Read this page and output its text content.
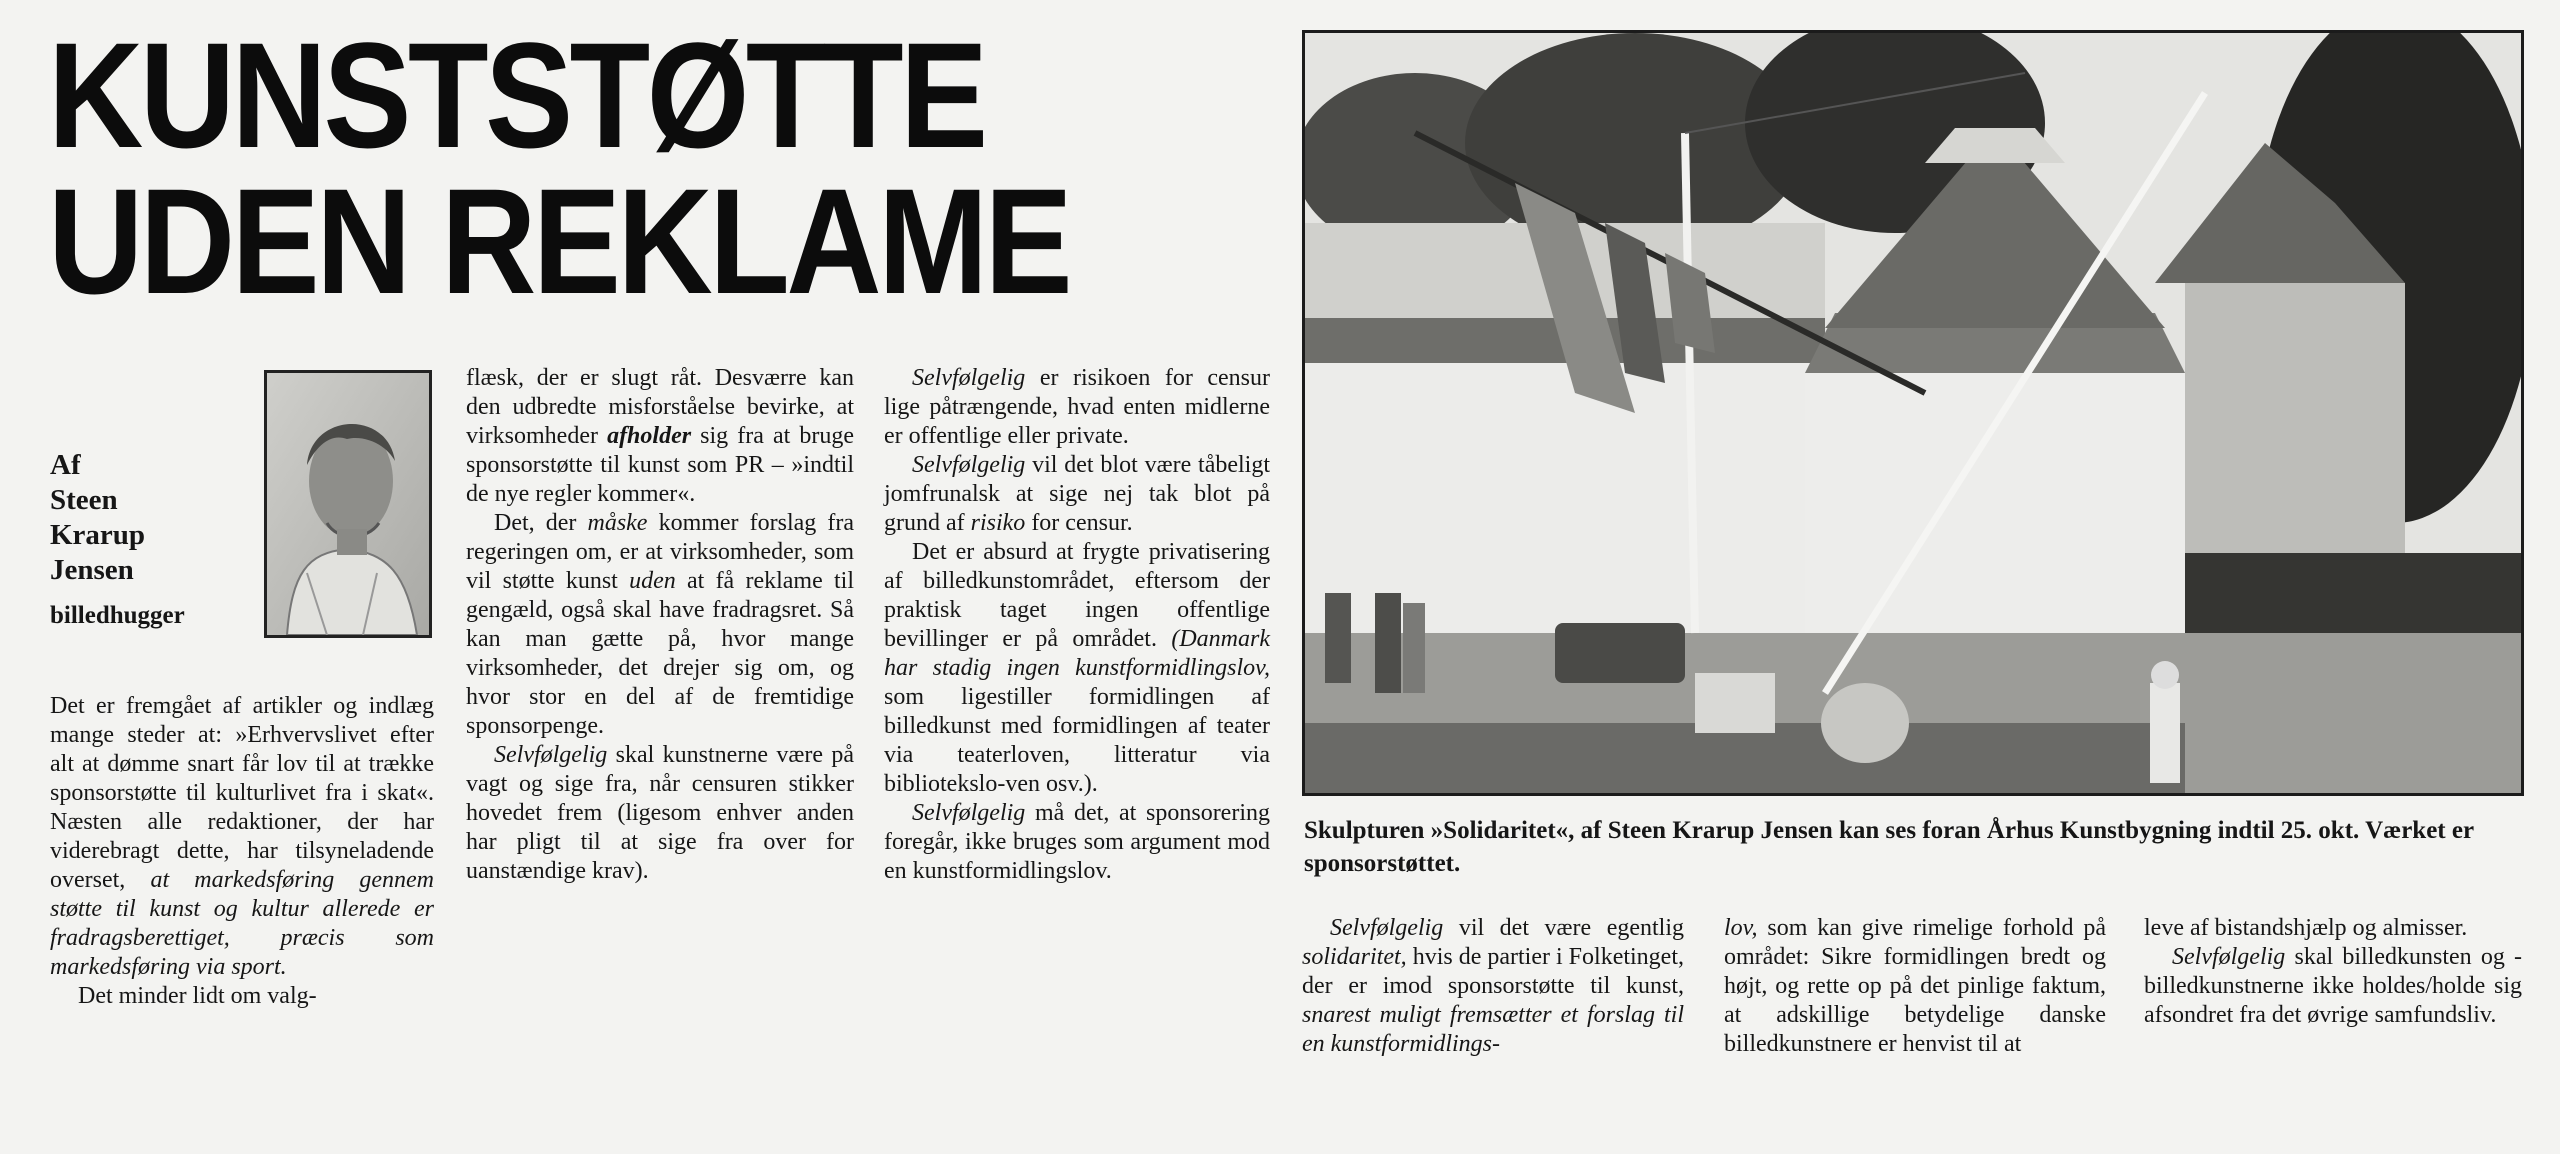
KUNSTSTØTTE
UDEN REKLAME
Af
Steen
Krarup
Jensen
billedhugger

Det er fremgået af artikler og indlæg mange steder at: »Erhvervslivet efter alt at dømme snart får lov til at trække sponsorstøtte til kulturlivet fra i skat«. Næsten alle redaktioner, der har viderebragt dette, har tilsyneladende overset, at markedsføring gennem støtte til kunst og kultur allerede er fradragsberettiget, præcis som markedsføring via sport.

Det minder lidt om valg-

flæsk, der er slugt råt. Desværre kan den udbredte misforståelse bevirke, at virksomheder afholder sig fra at bruge sponsorstøtte til kunst som PR – »indtil de nye regler kommer«.

Det, der måske kommer forslag fra regeringen om, er at virksomheder, som vil støtte kunst uden at få reklame til gengæld, også skal have fradragsret. Så kan man gætte på, hvor mange virksomheder, det drejer sig om, og hvor stor en del af de fremtidige sponsorpenge.

Selvfølgelig skal kunstnerne være på vagt og sige fra, når censuren stikker hovedet frem (ligesom enhver anden har pligt til at sige fra over for uanstændige krav).

Selvfølgelig er risikoen for censur lige påtrængende, hvad enten midlerne er offentlige eller private.

Selvfølgelig vil det blot være tåbeligt jomfrunalsk at sige nej tak blot på grund af risiko for censur.

Det er absurd at frygte privatisering af billedkunstområdet, eftersom der praktisk taget ingen offentlige bevillinger er på området. (Danmark har stadig ingen kunstformidlingslov, som ligestiller formidlingen af billedkunst med formidlingen af teater via teaterloven, litteratur via bibliotekslo-ven osv.).

Selvfølgelig må det, at sponsorering foregår, ikke bruges som argument mod en kunstformidlingslov.

Skulpturen »Solidaritet«, af Steen Krarup Jensen kan ses foran Århus Kunstbygning indtil 25. okt. Værket er sponsorstøttet.

Selvfølgelig vil det være egentlig solidaritet, hvis de partier i Folketinget, der er imod sponsorstøtte til kunst, snarest muligt fremsætter et forslag til en kunstformidlings-

lov, som kan give rimelige forhold på området: Sikre formidlingen bredt og højt, og rette op på det pinlige faktum, at adskillige betydelige danske billedkunstnere er henvist til at

leve af bistandshjælp og almisser.

Selvfølgelig skal billedkunsten og -billedkunstnerne ikke holdes/holde sig afsondret fra det øvrige samfundsliv.
